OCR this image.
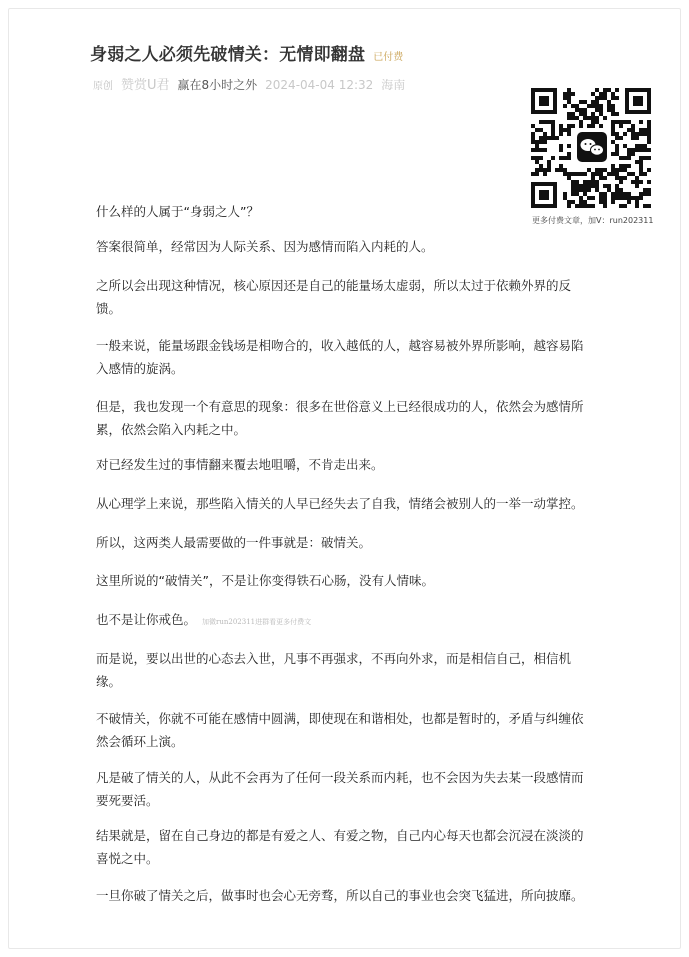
身弱之人必须先破情关：无情即翻盘 已付费
原创 赞赏U君 赢在8小时之外 2024-04-04 12:32 海南
更多付费文章，加V：run202311

什么样的人属于“身弱之人”？

答案很简单，经常因为人际关系、因为感情而陷入内耗的人。

之所以会出现这种情况，核心原因还是自己的能量场太虚弱，所以太过于依赖外界的反馈。

一般来说，能量场跟金钱场是相吻合的，收入越低的人，越容易被外界所影响，越容易陷入感情的旋涡。

但是，我也发现一个有意思的现象：很多在世俗意义上已经很成功的人，依然会为感情所累，依然会陷入内耗之中。

对已经发生过的事情翻来覆去地咀嚼，不肯走出来。

从心理学上来说，那些陷入情关的人早已经失去了自我，情绪会被别人的一举一动掌控。

所以，这两类人最需要做的一件事就是：破情关。

这里所说的“破情关”，不是让你变得铁石心肠，没有人情味。

也不是让你戒色。 加微run202311进群看更多付费文

而是说，要以出世的心态去入世，凡事不再强求，不再向外求，而是相信自己，相信机缘。

不破情关，你就不可能在感情中圆满，即使现在和谐相处，也都是暂时的，矛盾与纠缠依然会循环上演。

凡是破了情关的人，从此不会再为了任何一段关系而内耗，也不会因为失去某一段感情而要死要活。

结果就是，留在自己身边的都是有爱之人、有爱之物，自己内心每天也都会沉浸在淡淡的喜悦之中。

一旦你破了情关之后，做事时也会心无旁骛，所以自己的事业也会突飞猛进，所向披靡。
